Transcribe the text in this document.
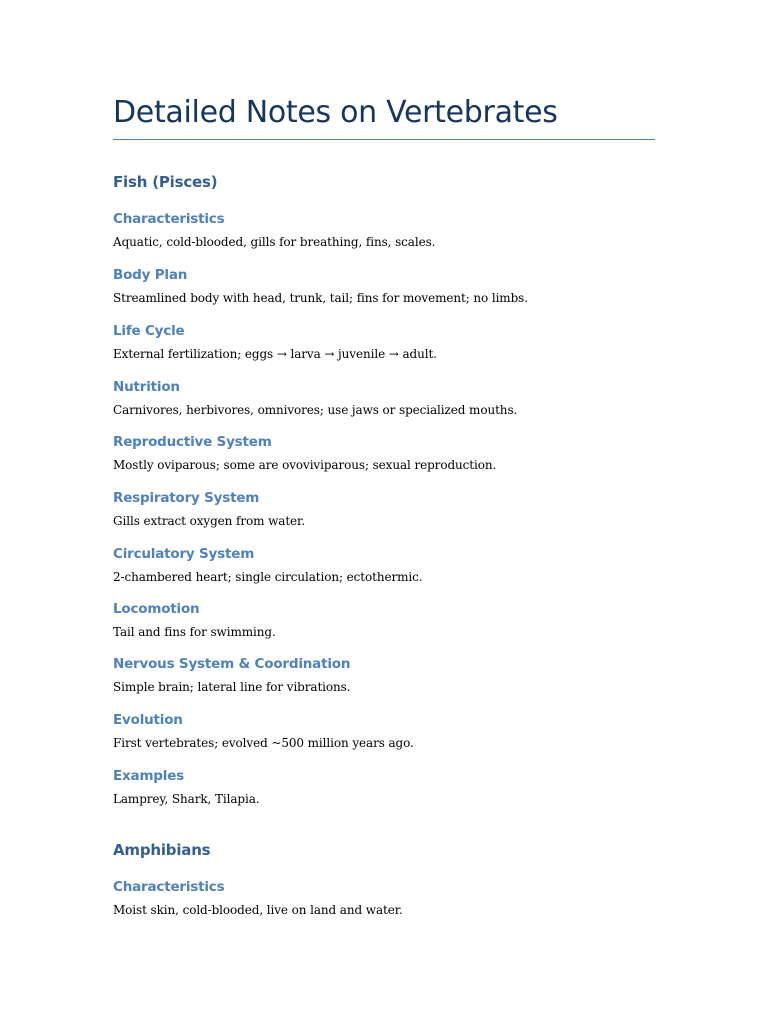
Detailed Notes on Vertebrates
Fish (Pisces)
Characteristics

Aquatic, cold-blooded, gills for breathing, fins, scales.

Body Plan

Streamlined body with head, trunk, tail; fins for movement; no limbs.

Life Cycle

External fertilization; eggs → larva → juvenile → adult.

Nutrition

Carnivores, herbivores, omnivores; use jaws or specialized mouths.

Reproductive System

Mostly oviparous; some are ovoviviparous; sexual reproduction.

Respiratory System

Gills extract oxygen from water.

Circulatory System

2-chambered heart; single circulation; ectothermic.

Locomotion

Tail and fins for swimming.

Nervous System & Coordination

Simple brain; lateral line for vibrations.

Evolution

First vertebrates; evolved ~500 million years ago.

Examples

Lamprey, Shark, Tilapia.

Amphibians
Characteristics

Moist skin, cold-blooded, live on land and water.
